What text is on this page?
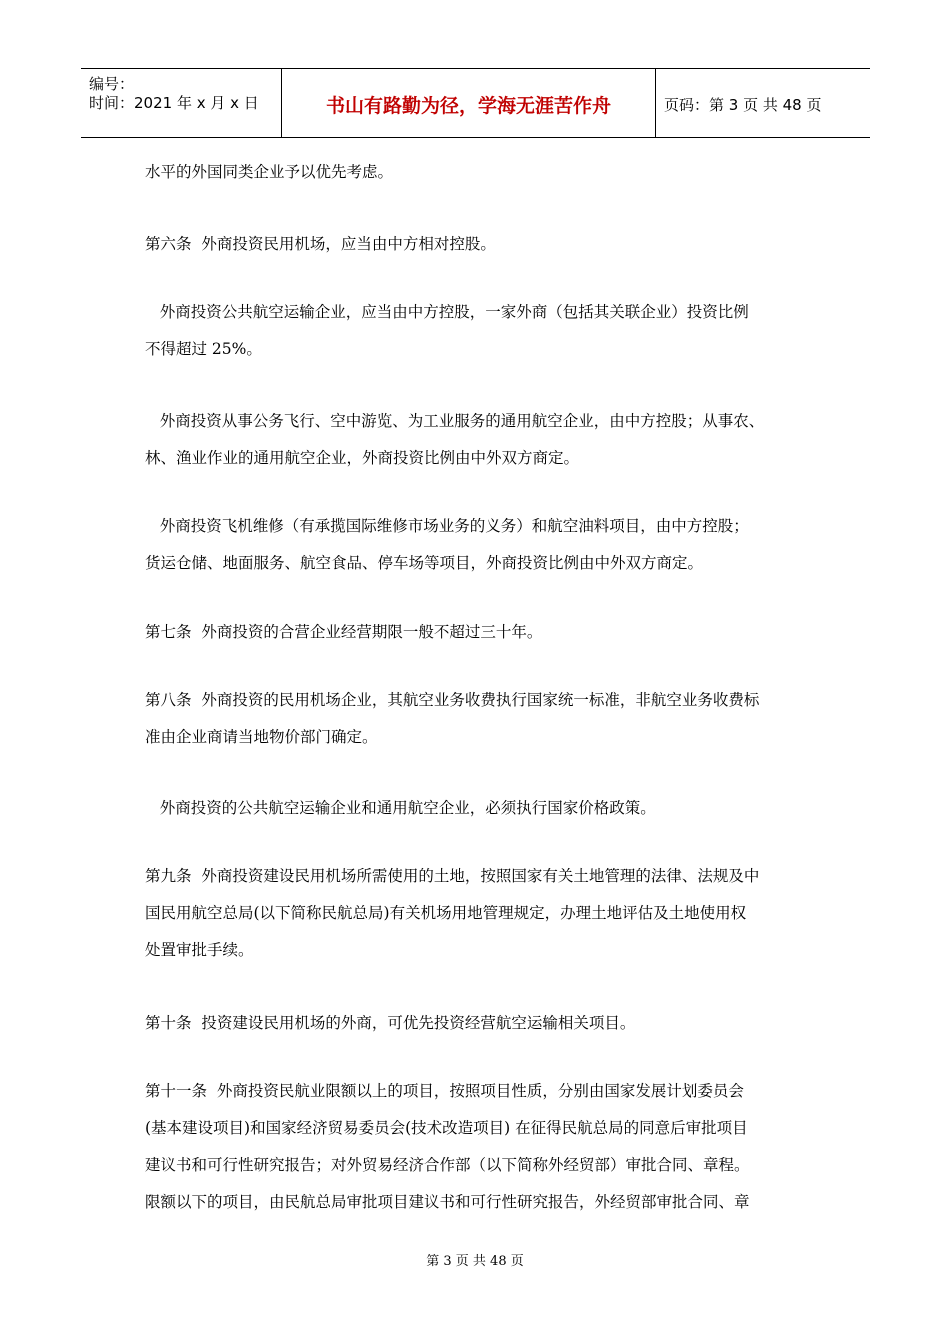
编号：
时间：2021 年 x 月 x 日	书山有路勤为径，学海无涯苦作舟	页码：第 3 页 共 48 页
水平的外国同类企业予以优先考虑。
第六条  外商投资民用机场，应当由中方相对控股。
外商投资公共航空运输企业，应当由中方控股，一家外商（包括其关联企业）投资比例
不得超过 25%。
外商投资从事公务飞行、空中游览、为工业服务的通用航空企业，由中方控股；从事农、
林、渔业作业的通用航空企业，外商投资比例由中外双方商定。
外商投资飞机维修（有承揽国际维修市场业务的义务）和航空油料项目，由中方控股；
货运仓储、地面服务、航空食品、停车场等项目，外商投资比例由中外双方商定。
第七条  外商投资的合营企业经营期限一般不超过三十年。
第八条  外商投资的民用机场企业，其航空业务收费执行国家统一标准，非航空业务收费标
准由企业商请当地物价部门确定。
外商投资的公共航空运输企业和通用航空企业，必须执行国家价格政策。
第九条  外商投资建设民用机场所需使用的土地，按照国家有关土地管理的法律、法规及中
国民用航空总局(以下简称民航总局)有关机场用地管理规定，办理土地评估及土地使用权
处置审批手续。
第十条  投资建设民用机场的外商，可优先投资经营航空运输相关项目。
第十一条  外商投资民航业限额以上的项目，按照项目性质，分别由国家发展计划委员会
(基本建设项目)和国家经济贸易委员会(技术改造项目) 在征得民航总局的同意后审批项目
建议书和可行性研究报告；对外贸易经济合作部（以下简称外经贸部）审批合同、章程。
限额以下的项目，由民航总局审批项目建议书和可行性研究报告，外经贸部审批合同、章
第 3 页 共 48 页
